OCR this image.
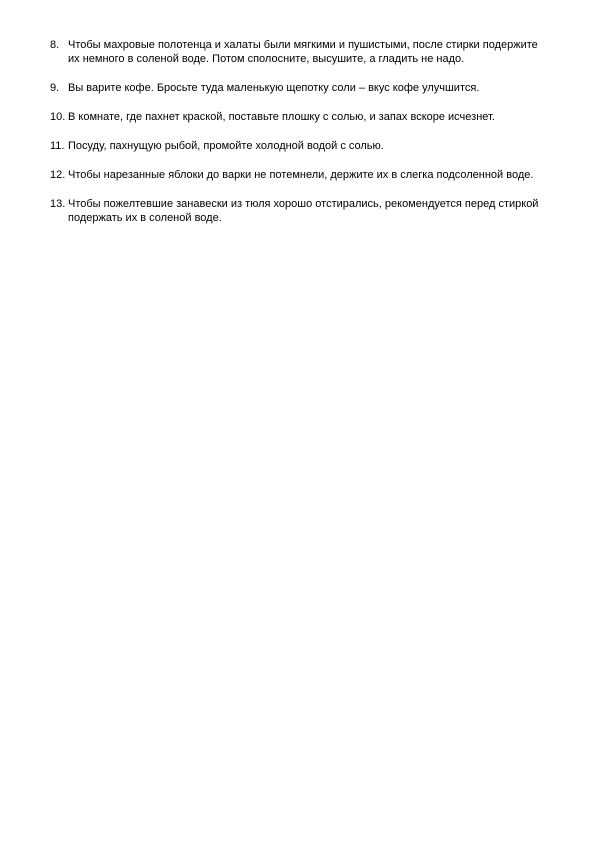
8. Чтобы махровые полотенца и халаты были мягкими и пушистыми, после стирки подержите их немного в соленой воде. Потом сполосните, высушите, а гладить не надо.
9. Вы варите кофе. Бросьте туда маленькую щепотку соли – вкус кофе улучшится.
10. В комнате, где пахнет краской, поставьте плошку с солью, и запах вскоре исчезнет.
11. Посуду, пахнущую рыбой, промойте холодной водой с солью.
12. Чтобы нарезанные яблоки до варки не потемнели, держите их в слегка подсоленной воде.
13. Чтобы пожелтевшие занавески из тюля хорошо отстирались, рекомендуется перед стиркой подержать их в соленой воде.
